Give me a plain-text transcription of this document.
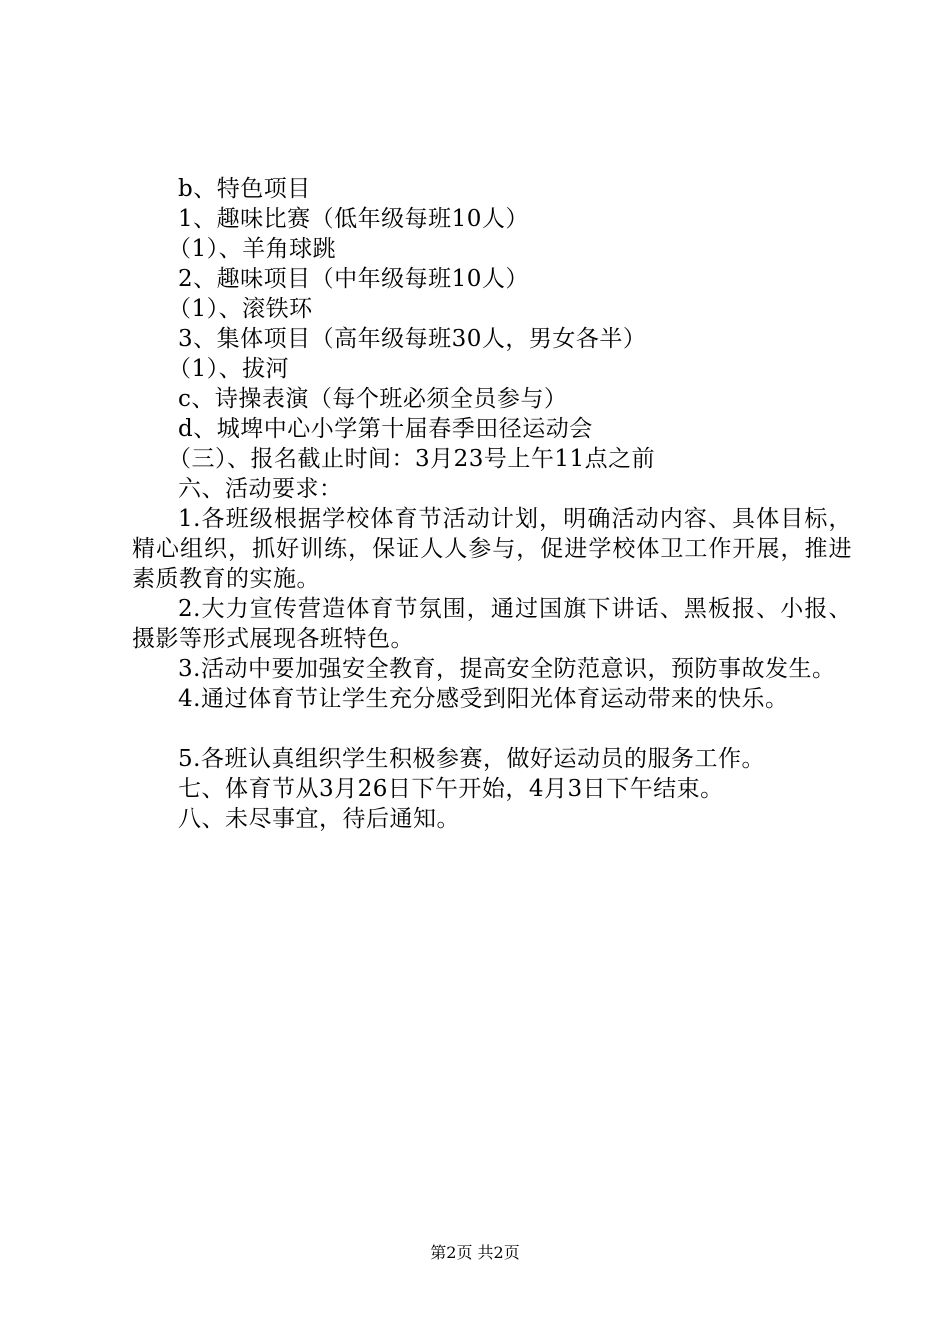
b、特色项目
1、趣味比赛（低年级每班10人）
（1）、羊角球跳
2、趣味项目（中年级每班10人）
（1）、滚铁环
3、集体项目（高年级每班30人，男女各半）
（1）、拔河
c、诗操表演（每个班必须全员参与）
d、城埤中心小学第十届春季田径运动会
（三）、报名截止时间：3月23号上午11点之前
六、活动要求：
1.各班级根据学校体育节活动计划，明确活动内容、具体目标，精心组织，抓好训练，保证人人参与，促进学校体卫工作开展，推进素质教育的实施。
2.大力宣传营造体育节氛围，通过国旗下讲话、黑板报、小报、摄影等形式展现各班特色。
3.活动中要加强安全教育，提高安全防范意识，预防事故发生。
4.通过体育节让学生充分感受到阳光体育运动带来的快乐。
5.各班认真组织学生积极参赛，做好运动员的服务工作。
七、体育节从3月26日下午开始，4月3日下午结束。
八、未尽事宜，待后通知。
第2页 共2页
